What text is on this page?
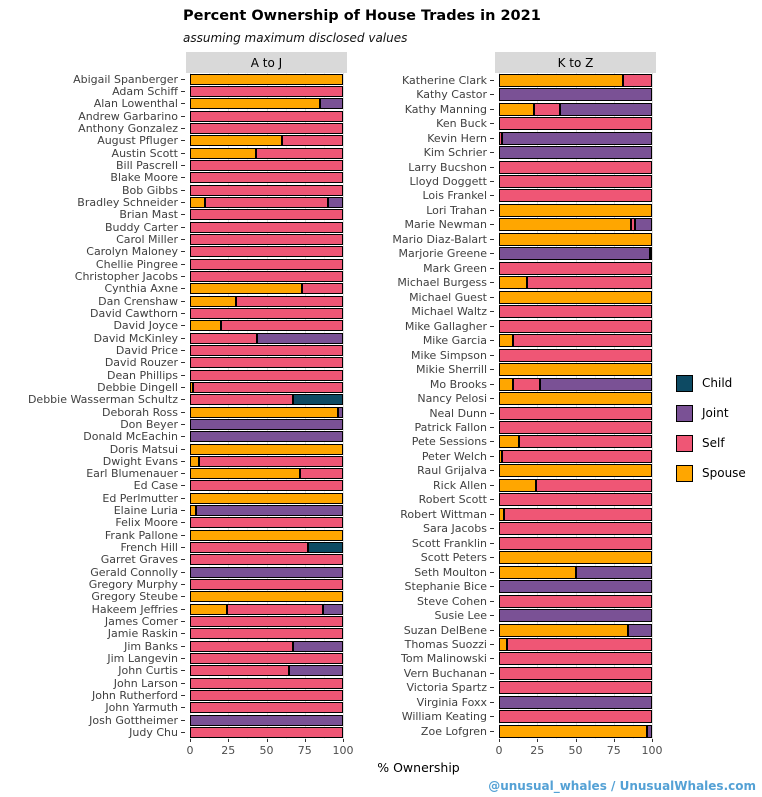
Percent Ownership of House Trades in 2021
assuming maximum disclosed values
A to J
Abigail Spanberger
Adam Schiff
Alan Lowenthal
Andrew Garbarino
Anthony Gonzalez
August Pfluger
Austin Scott
Bill Pascrell
Blake Moore
Bob Gibbs
Bradley Schneider
Brian Mast
Buddy Carter
Carol Miller
Carolyn Maloney
Chellie Pingree
Christopher Jacobs
Cynthia Axne
Dan Crenshaw
David Cawthorn
David Joyce
David McKinley
David Price
David Rouzer
Dean Phillips
Debbie Dingell
Debbie Wasserman Schultz
Deborah Ross
Don Beyer
Donald McEachin
Doris Matsui
Dwight Evans
Earl Blumenauer
Ed Case
Ed Perlmutter
Elaine Luria
Felix Moore
Frank Pallone
French Hill
Garret Graves
Gerald Connolly
Gregory Murphy
Gregory Steube
Hakeem Jeffries
James Comer
Jamie Raskin
Jim Banks
Jim Langevin
John Curtis
John Larson
John Rutherford
John Yarmuth
Josh Gottheimer
Judy Chu
0	25 50 75 100
K to Z
Katherine Clark
Kathy Castor
Kathy Manning
Ken Buck
Kevin Hern
Kim Schrier
Larry Bucshon
Lloyd Doggett
Lois Frankel
Lori Trahan
Marie Newman
Mario Diaz-Balart
Marjorie Greene
Mark Green
Michael Burgess
Michael Guest
Michael Waltz
Mike Gallagher
Mike Garcia
Mike Simpson
Mikie Sherrill
Mo Brooks
Nancy Pelosi
Neal Dunn
Patrick Fallon
Pete Sessions
Peter Welch
Raul Grijalva
Rick Allen
Robert Scott
Robert Wittman
Sara Jacobs
Scott Franklin
Scott Peters
Seth Moulton
Stephanie Bice
Steve Cohen
Susie Lee
Suzan DelBene
Thomas Suozzi
Tom Malinowski
Vern Buchanan
Victoria Spartz
Virginia Foxx
William Keating
Zoe Lofgren
0	25 50 75 100
% Ownership
Child
Joint
Self
Spouse
@unusual_whales / UnusualWhales.com
